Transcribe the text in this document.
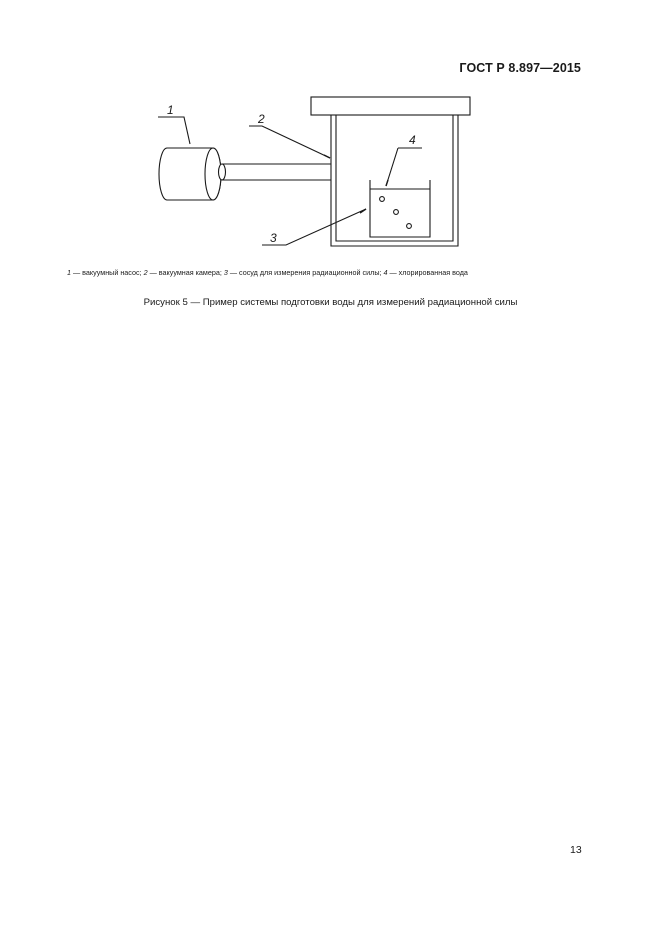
ГОСТ Р 8.897—2015
1
2
3
4
1 — вакуумный насос; 2 — вакуумная камера; 3 — сосуд для измерения радиационной силы; 4 — хлорированная вода
Рисунок 5 — Пример системы подготовки воды для измерений радиационной силы
13
